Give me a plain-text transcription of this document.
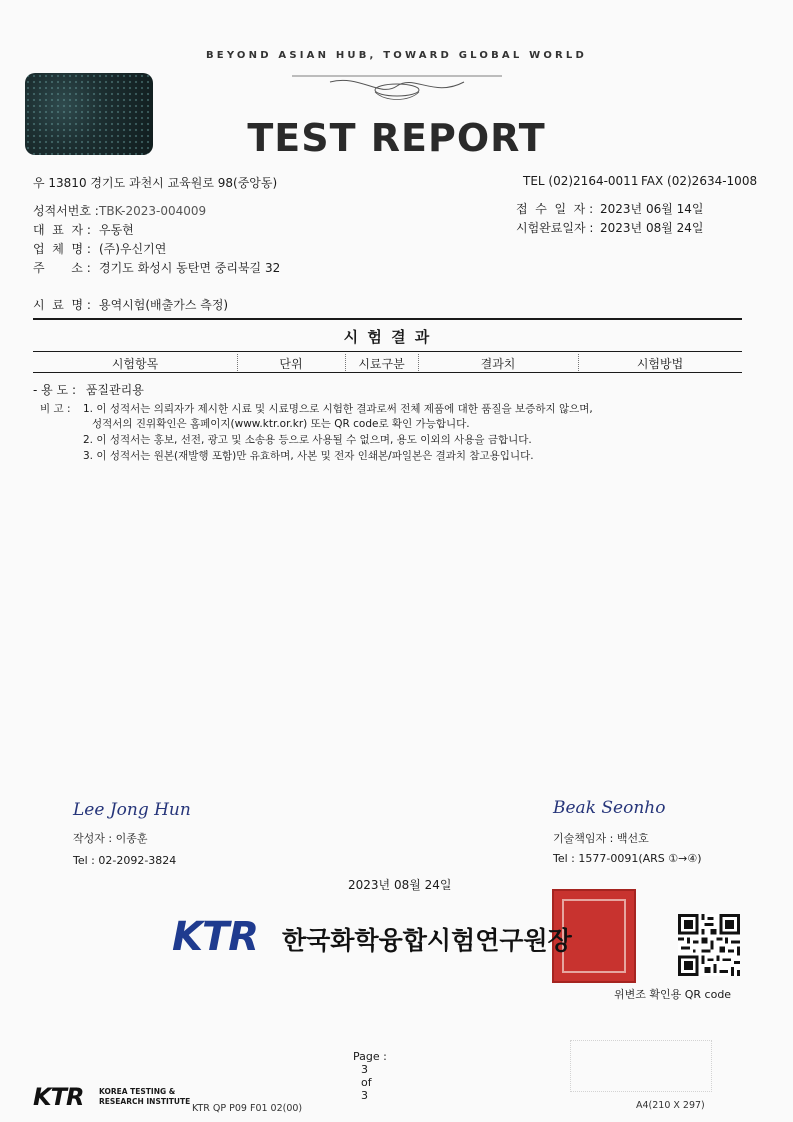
BEYOND ASIAN HUB, TOWARD GLOBAL WORLD
TEST REPORT
우 13810 경기도 과천시 교육원로 98(중앙동)	TEL (02)2164-0011 FAX (02)2634-1008
성적서번호 :TBK-2023-004009
대  표  자 : 우동현
업  체  명 : (주)우신기연
주       소 : 경기도 화성시 동탄면 중리북길 32
접  수  일  자 : 2023년 06월 14일
시험완료일자 : 2023년 08월 24일
시  료  명 : 용역시험(배출가스 측정)
시 험 결 과
시험항목	단위	시료구분	결과치	시험방법
- 용 도 : 품질관리용
비 고 : 1. 이 성적서는 의뢰자가 제시한 시료 및 시료명으로 시험한 결과로써 전체 제품에 대한 품질을 보증하지 않으며,
성적서의 진위확인은 홈페이지(www.ktr.or.kr) 또는 QR code로 확인 가능합니다.
2. 이 성적서는 홍보, 선전, 광고 및 소송용 등으로 사용될 수 없으며, 용도 이외의 사용을 금합니다.
3. 이 성적서는 원본(재발행 포함)만 유효하며, 사본 및 전자 인쇄본/파일본은 결과치 참고용입니다.
Lee Jong Hun
작성자 : 이종훈
Tel : 02-2092-3824
Beak Seonho
기술책임자 : 백선호
Tel : 1577-0091(ARS ①→④)
2023년 08월 24일
KTR 한국화학융합시험연구원장
위변조 확인용 QR code

Page :
3
of
3

KTR KOREA TESTING &
RESEARCH INSTITUTE
KTR QP P09 F01 02(00)	A4(210 X 297)
